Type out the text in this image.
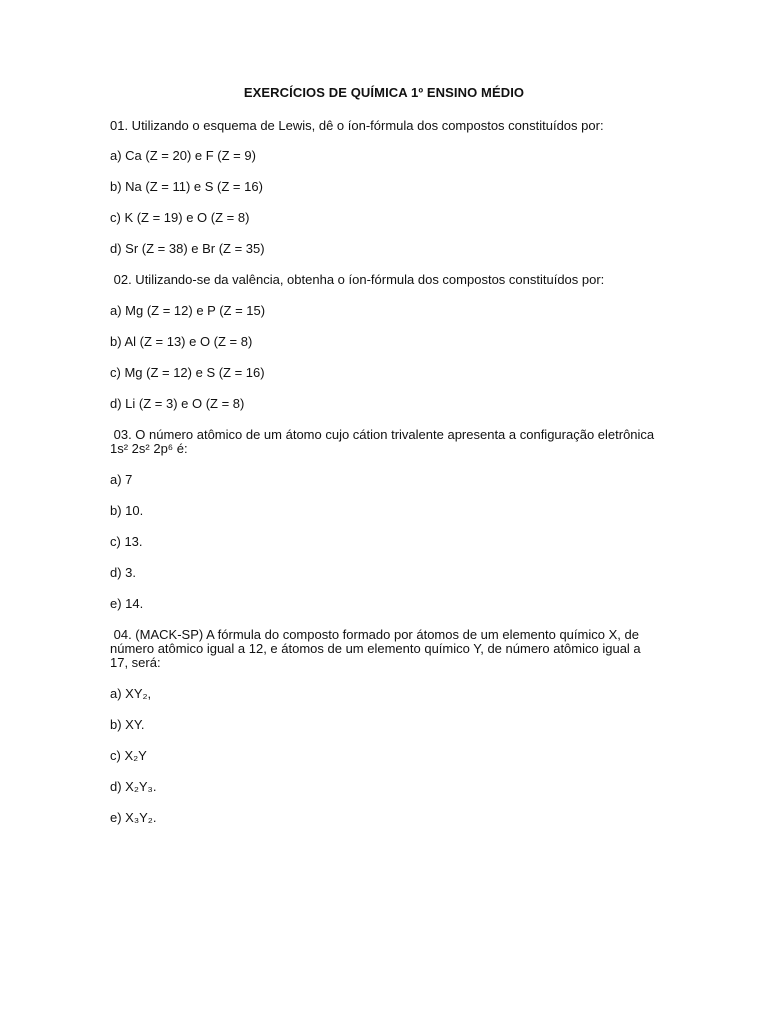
EXERCÍCIOS DE QUÍMICA 1º ENSINO MÉDIO
01. Utilizando o esquema de Lewis, dê o íon-fórmula dos compostos constituídos por:
a) Ca (Z = 20) e F (Z = 9)
b) Na (Z = 11) e S (Z = 16)
c) K (Z = 19) e O (Z = 8)
d) Sr (Z = 38) e Br (Z = 35)
02. Utilizando-se da valência, obtenha o íon-fórmula dos compostos constituídos por:
a) Mg (Z = 12) e P (Z = 15)
b) Al (Z = 13) e O (Z = 8)
c) Mg (Z = 12) e S (Z = 16)
d) Li (Z = 3) e O (Z = 8)
03. O número atômico de um átomo cujo cátion trivalente apresenta a configuração eletrônica
1s² 2s² 2p⁶ é:
a) 7
b) 10.
c) 13.
d) 3.
e) 14.
04. (MACK-SP) A fórmula do composto formado por átomos de um elemento químico X, de
número atômico igual a 12, e átomos de um elemento químico Y, de número atômico igual a
17, será:
a) XY₂,
b) XY.
c) X₂Y
d) X₂Y₃.
e) X₃Y₂.
